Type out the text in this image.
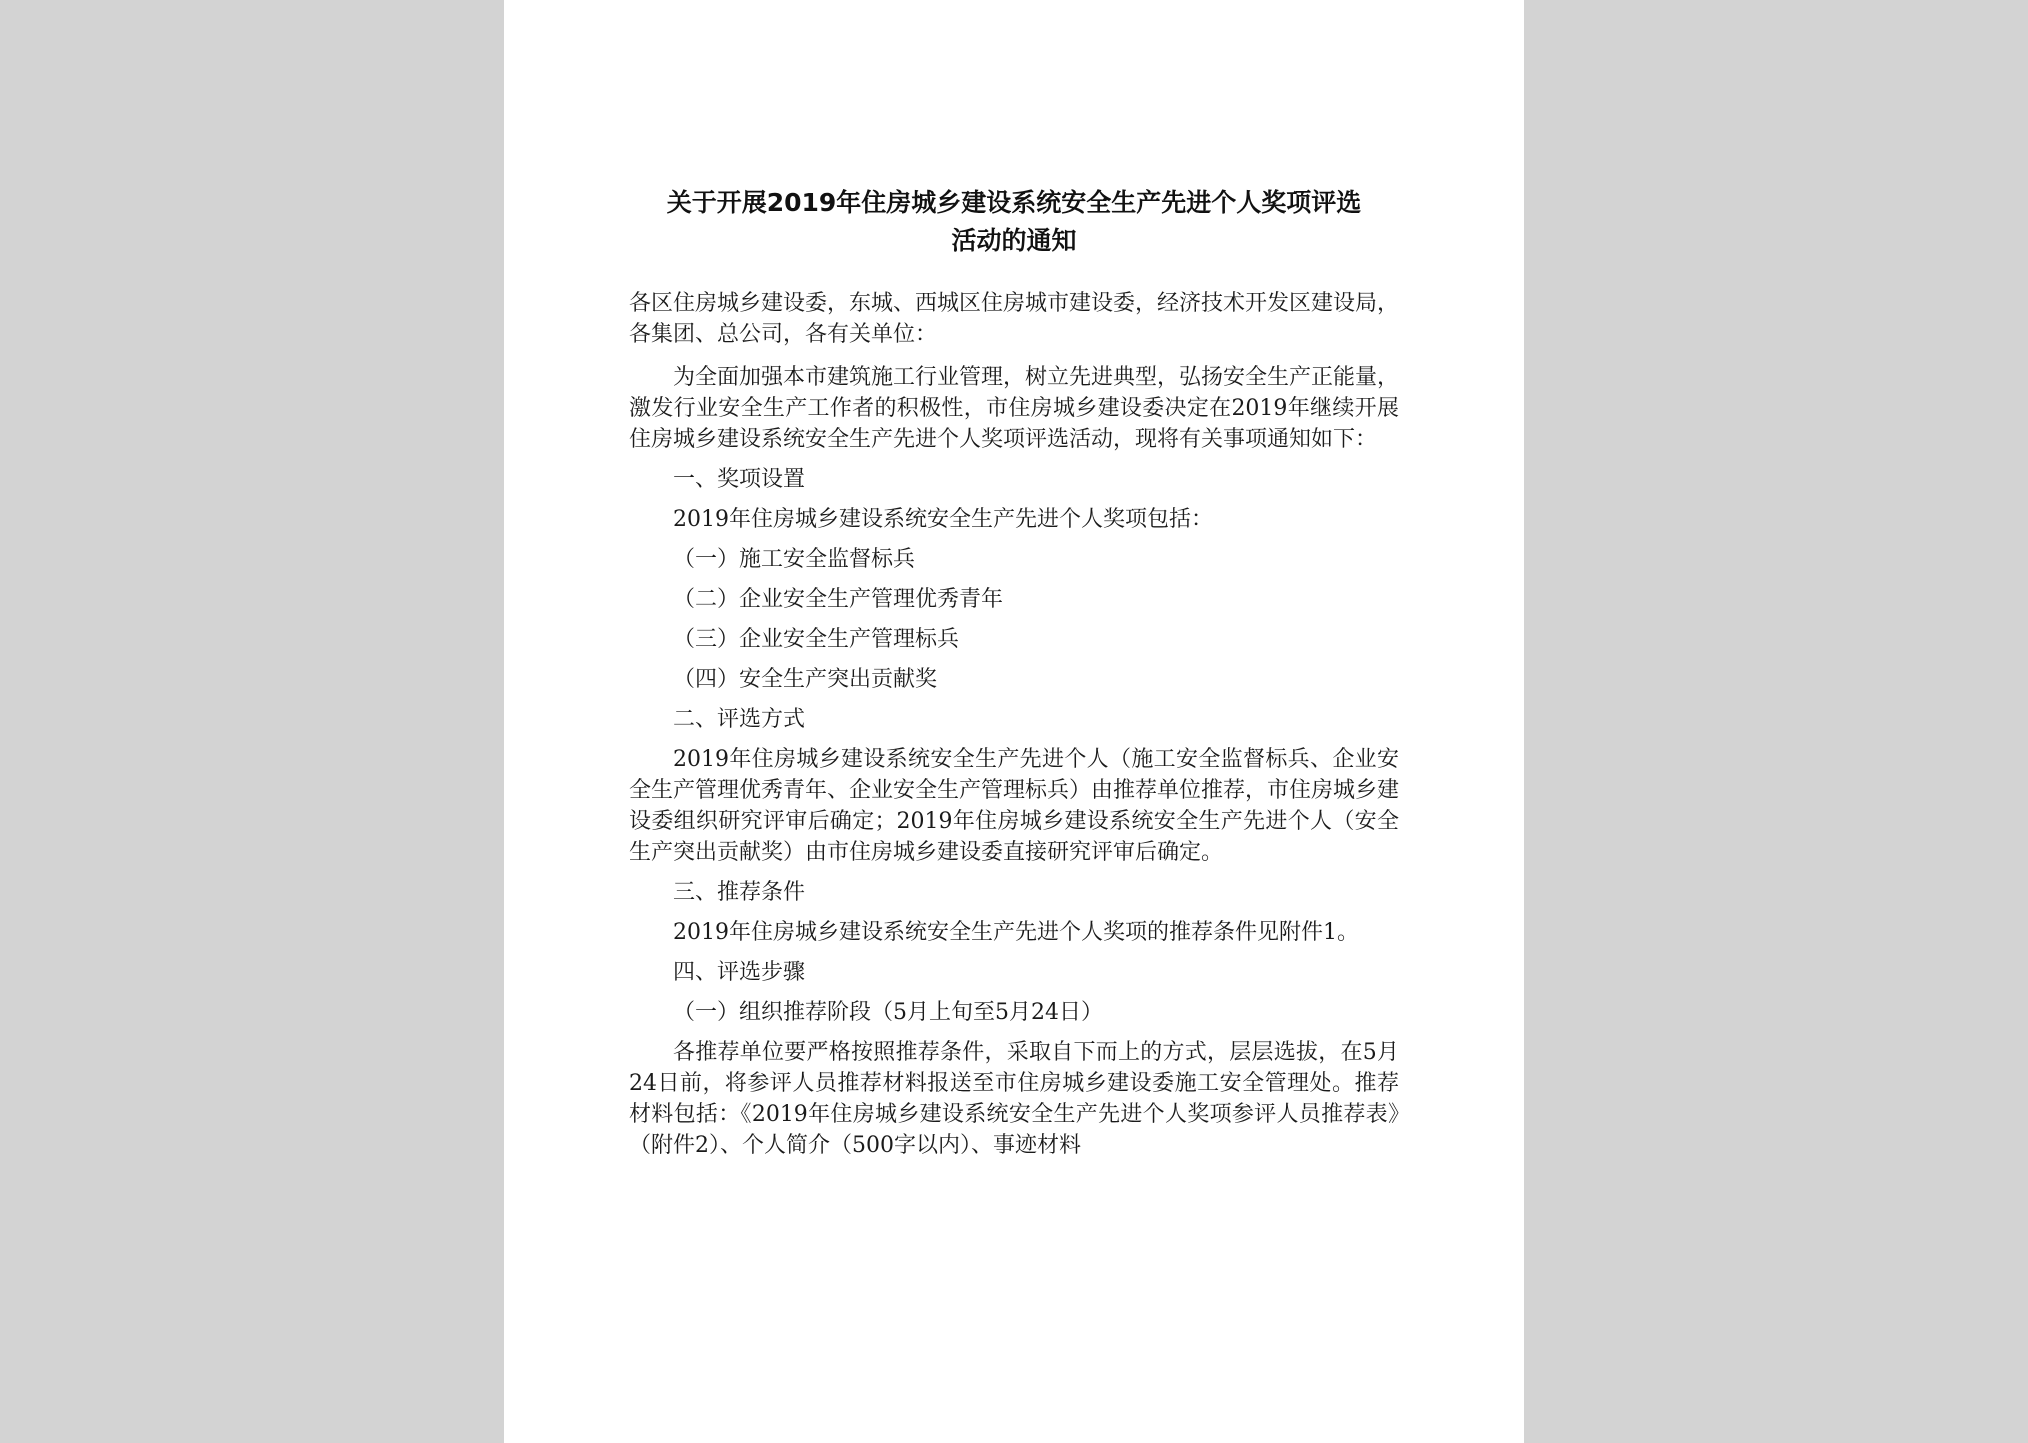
关于开展2019年住房城乡建设系统安全生产先进个人奖项评选
活动的通知

各区住房城乡建设委，东城、西城区住房城市建设委，经济技术开发区建设局，各集团、总公司，各有关单位：

为全面加强本市建筑施工行业管理，树立先进典型，弘扬安全生产正能量，激发行业安全生产工作者的积极性，市住房城乡建设委决定在2019年继续开展住房城乡建设系统安全生产先进个人奖项评选活动，现将有关事项通知如下：

一、奖项设置

2019年住房城乡建设系统安全生产先进个人奖项包括：

（一）施工安全监督标兵

（二）企业安全生产管理优秀青年

（三）企业安全生产管理标兵

（四）安全生产突出贡献奖

二、评选方式

2019年住房城乡建设系统安全生产先进个人（施工安全监督标兵、企业安全生产管理优秀青年、企业安全生产管理标兵）由推荐单位推荐，市住房城乡建设委组织研究评审后确定；2019年住房城乡建设系统安全生产先进个人（安全生产突出贡献奖）由市住房城乡建设委直接研究评审后确定。

三、推荐条件

2019年住房城乡建设系统安全生产先进个人奖项的推荐条件见附件1。

四、评选步骤

（一）组织推荐阶段（5月上旬至5月24日）

各推荐单位要严格按照推荐条件，采取自下而上的方式，层层选拔，在5月24日前，将参评人员推荐材料报送至市住房城乡建设委施工安全管理处。推荐材料包括：《2019年住房城乡建设系统安全生产先进个人奖项参评人员推荐表》（附件2）、个人简介（500字以内）、事迹材料
